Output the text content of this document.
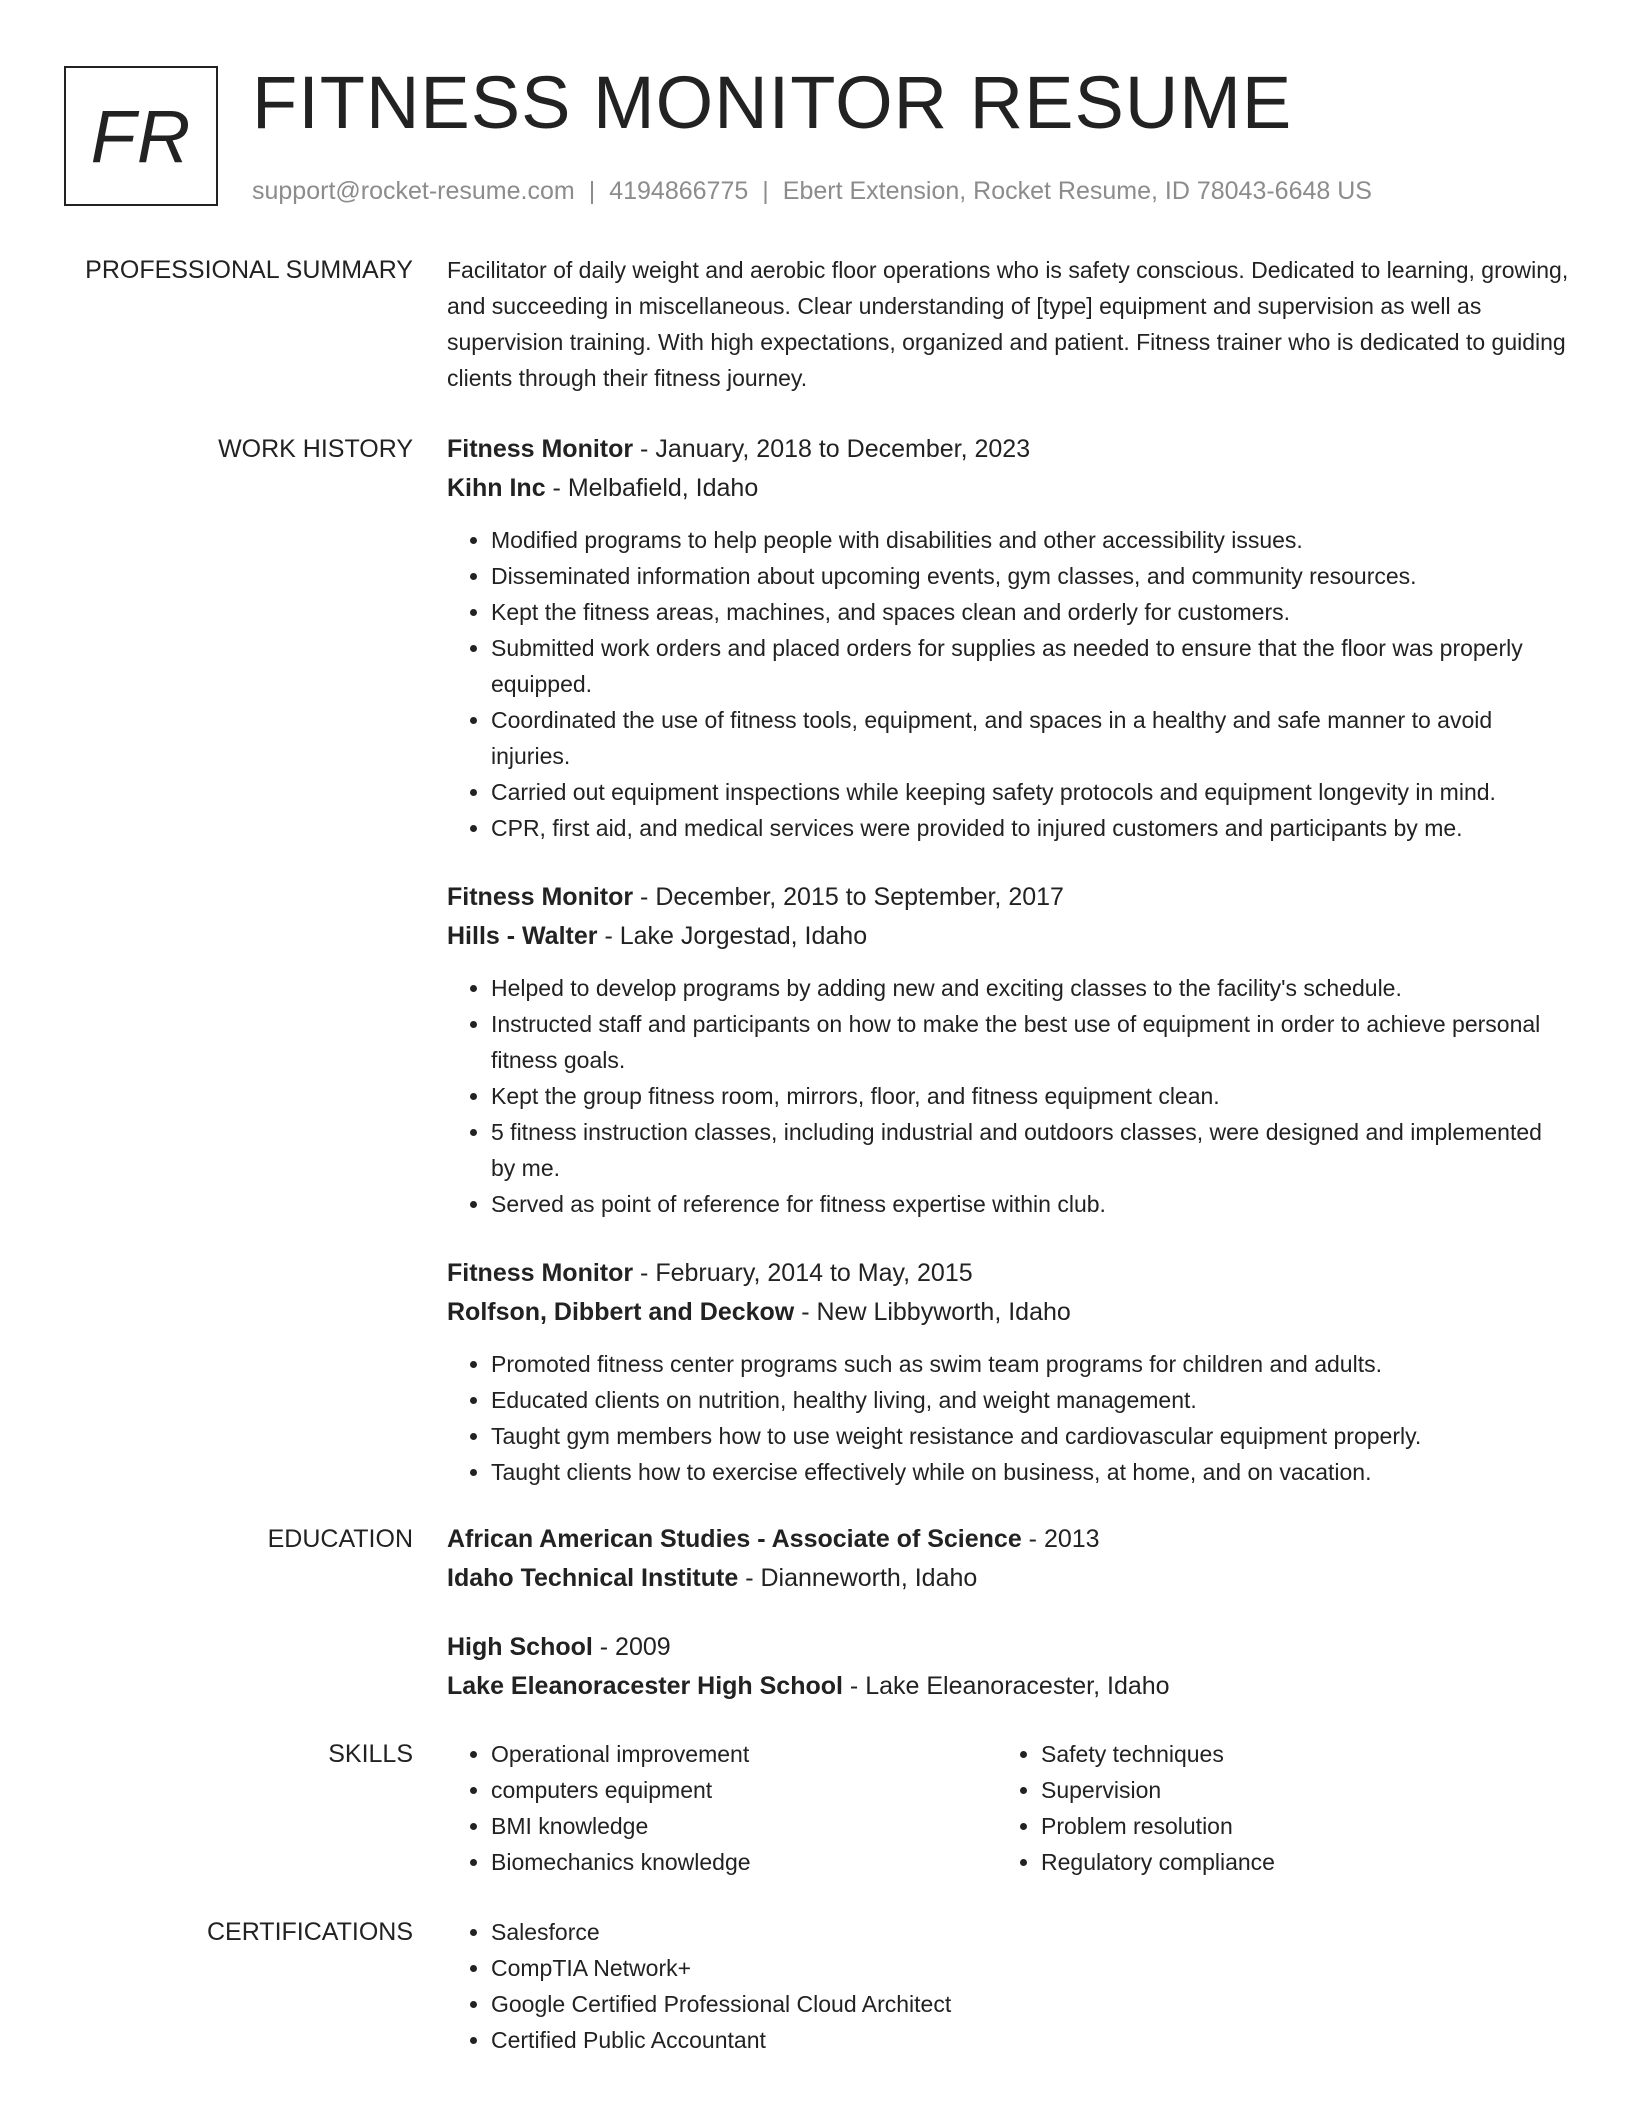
FR FITNESS MONITOR RESUME
support@rocket-resume.com | 4194866775 | Ebert Extension, Rocket Resume, ID 78043-6648 US
PROFESSIONAL SUMMARY Facilitator of daily weight and aerobic floor operations who is safety conscious. Dedicated to learning, growing, and succeeding in miscellaneous. Clear understanding of [type] equipment and supervision as well as supervision training. With high expectations, organized and patient. Fitness trainer who is dedicated to guiding clients through their fitness journey.

WORK HISTORY Fitness Monitor - January, 2018 to December, 2023
Kihn Inc - Melbafield, Idaho
• Modified programs to help people with disabilities and other accessibility issues.
• Disseminated information about upcoming events, gym classes, and community resources.
• Kept the fitness areas, machines, and spaces clean and orderly for customers.
• Submitted work orders and placed orders for supplies as needed to ensure that the floor was properly equipped.
• Coordinated the use of fitness tools, equipment, and spaces in a healthy and safe manner to avoid injuries.
• Carried out equipment inspections while keeping safety protocols and equipment longevity in mind.
• CPR, first aid, and medical services were provided to injured customers and participants by me.
Fitness Monitor - December, 2015 to September, 2017
Hills - Walter - Lake Jorgestad, Idaho
• Helped to develop programs by adding new and exciting classes to the facility's schedule.
• Instructed staff and participants on how to make the best use of equipment in order to achieve personal fitness goals.
• Kept the group fitness room, mirrors, floor, and fitness equipment clean.
• 5 fitness instruction classes, including industrial and outdoors classes, were designed and implemented by me.
• Served as point of reference for fitness expertise within club.
Fitness Monitor - February, 2014 to May, 2015
Rolfson, Dibbert and Deckow - New Libbyworth, Idaho
• Promoted fitness center programs such as swim team programs for children and adults.
• Educated clients on nutrition, healthy living, and weight management.
• Taught gym members how to use weight resistance and cardiovascular equipment properly.
• Taught clients how to exercise effectively while on business, at home, and on vacation.
EDUCATION African American Studies - Associate of Science - 2013
Idaho Technical Institute - Dianneworth, Idaho
High School - 2009
Lake Eleanoracester High School - Lake Eleanoracester, Idaho
SKILLS	• Operational improvement
• computers equipment
• BMI knowledge
• Biomechanics knowledge
• Safety techniques
• Supervision
• Problem resolution
• Regulatory compliance
CERTIFICATIONS	• Salesforce
• CompTIA Network+
• Google Certified Professional Cloud Architect
• Certified Public Accountant
